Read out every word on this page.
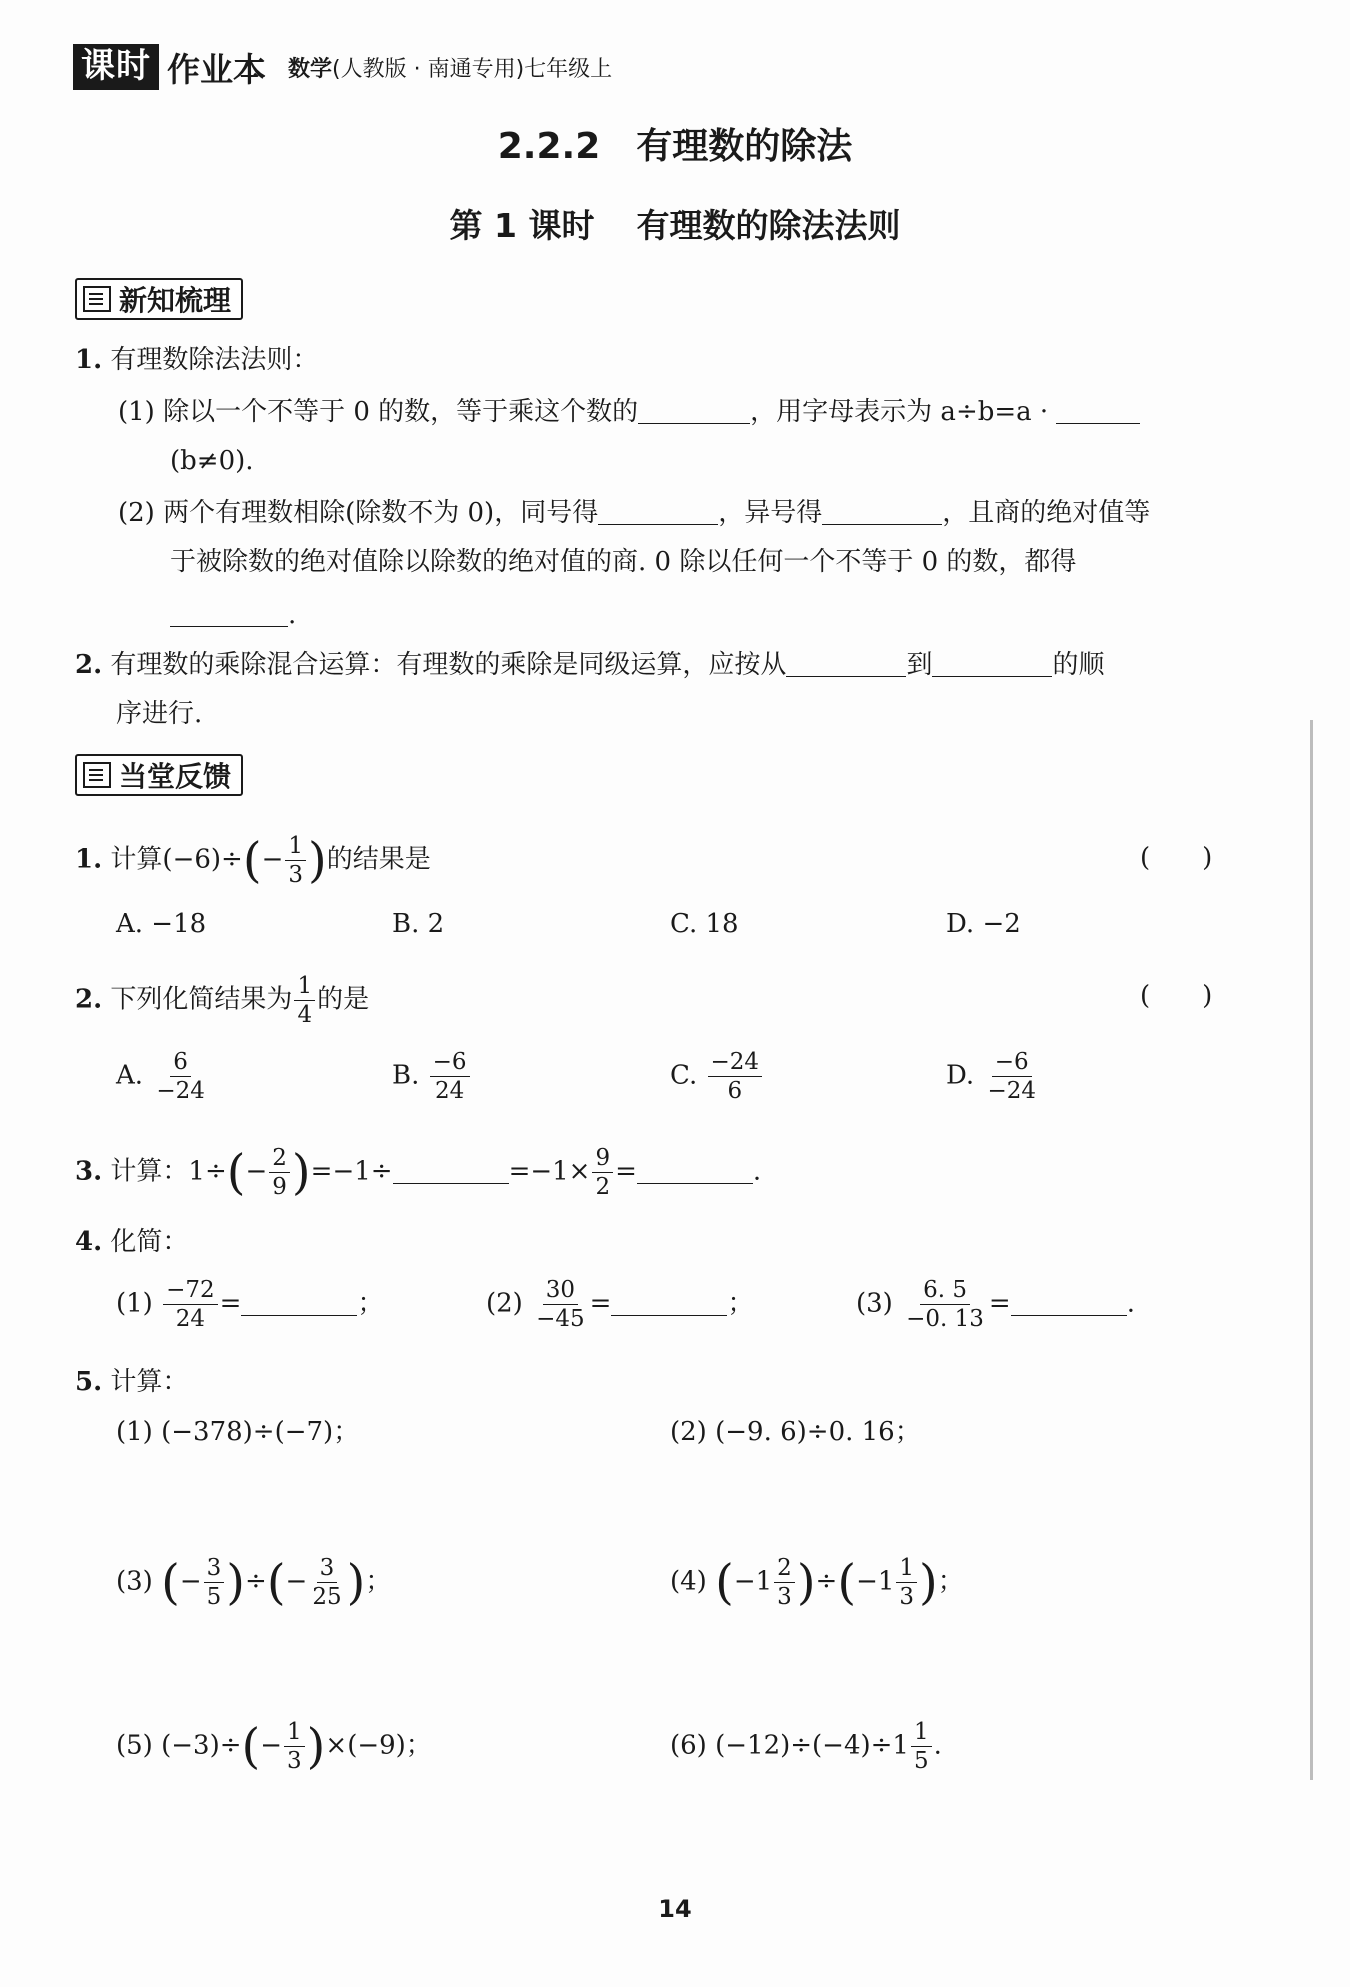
课时 作业本 数学(人教版 · 南通专用)七年级上
2.2.2　有理数的除法
第 1 课时 有理数的除法法则
新知梳理
1. 有理数除法法则：
(1) 除以一个不等于 0 的数，等于乘这个数的	，用字母表示为 a÷b=a ·
(b≠0).
(2) 两个有理数相除(除数不为 0)，同号得	，异号得	，且商的绝对值等
于被除数的绝对值除以除数的绝对值的商. 0 除以任何一个不等于 0 的数，都得
.
2. 有理数的乘除混合运算：有理数的乘除是同级运算，应按从	到	的顺
序进行.
当堂反馈
1. 计算$(-6)\div(- \frac{1}{3}$ )的结果是	(　　)
A. −18	B. 2	C. 18	D. −2
2. 下列化简结果为 $\frac{1}{4}$ 的是	(　　)
A. $\frac{6}{-24}$	B. $\frac{-6}{24}$	C. $\frac{-24}{6}$	D. $\frac{-6}{-24}$
3. 计算：$1\div(- \frac{2}{9} )=-1\div$	$=-1\times \frac{9}{2}$ =	.
4. 化简：
$(1) \frac{-72}{24}$ =	；	$(2) \frac{30}{-45}$ =	；	$(3) \frac{6. 5}{-0. 13}$ =	.
5. 计算：
(1) (−378)÷(−7)；	(2) (−9. 6)÷0. 16；
(3) (− $\frac{3}{5}$ )÷(− $\frac{3}{25}$ )；	(4) $(-1 \frac{2}{3} )\div(-1 \frac{1}{3}$ )；
(5) $(-3)\div(- \frac{1}{3} )\times(-9)$；	(6) $(-12)\div(-4)\div 1 \frac{1}{5}$ .
14
